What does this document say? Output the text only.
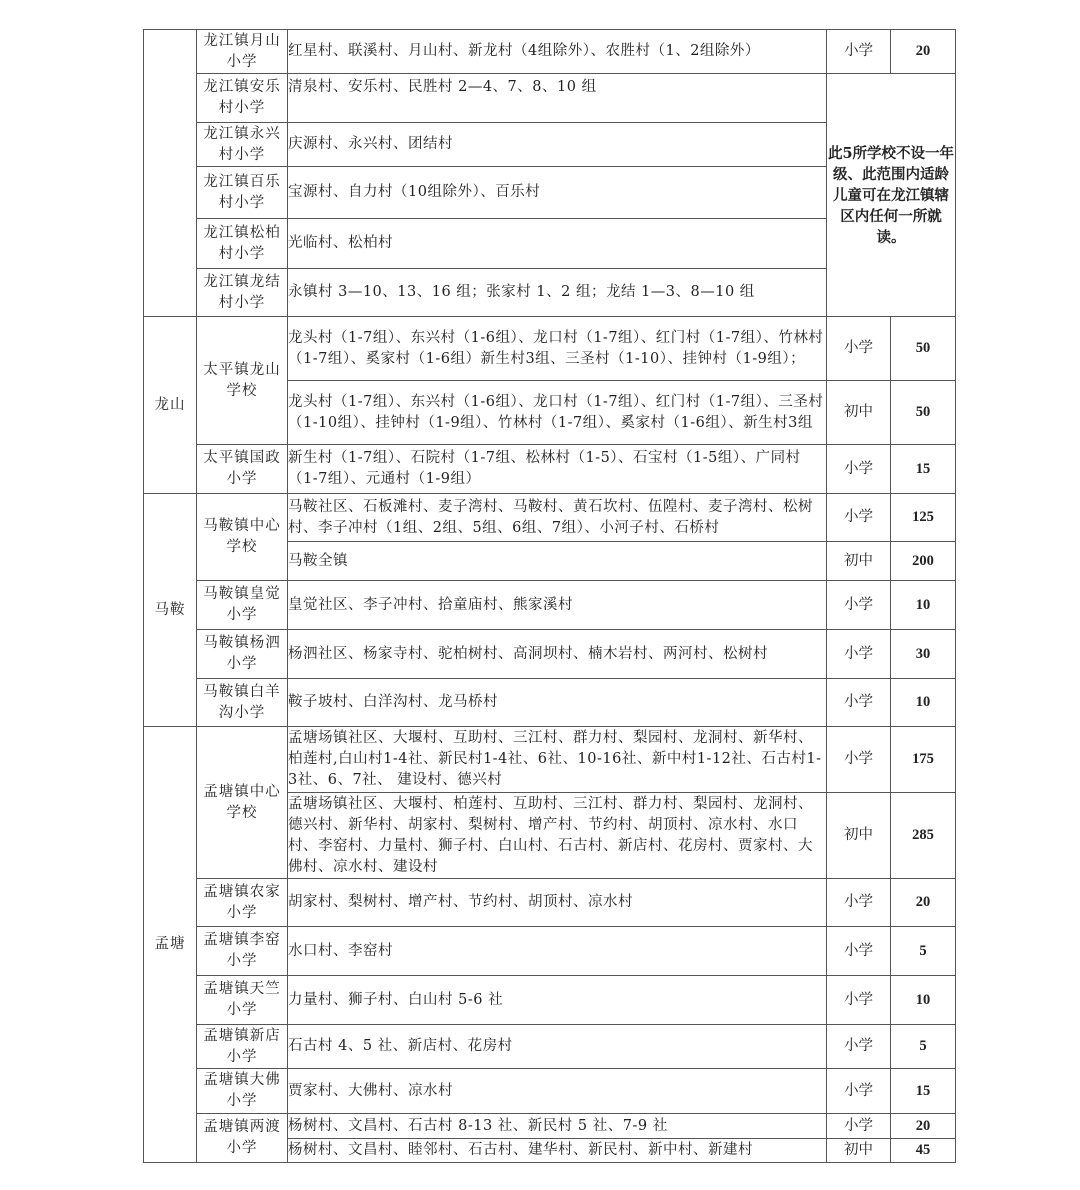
	龙江镇月山小学	红星村、联溪村、月山村、新龙村（4组除外）、农胜村（1、2组除外）	小学	20
	龙江镇安乐村小学	清泉村、安乐村、民胜村 2—4、7、8、10 组	此5所学校不设一年级、此范围内适龄儿童可在龙江镇辖区内任何一所就读。	
	龙江镇永兴村小学	庆源村、永兴村、团结村		
	龙江镇百乐村小学	宝源村、自力村（10组除外）、百乐村		
	龙江镇松柏村小学	光临村、松柏村		
	龙江镇龙结村小学	永镇村 3—10、13、16 组；张家村 1、2 组；龙结 1—3、8—10 组		
龙山	太平镇龙山学校	龙头村（1-7组）、东兴村（1-6组）、龙口村（1-7组）、红门村（1-7组）、竹林村（1-7组）、奚家村（1-6组）新生村3组、三圣村（1-10）、挂钟村（1-9组）；	小学	50
		龙头村（1-7组）、东兴村（1-6组）、龙口村（1-7组）、红门村（1-7组）、三圣村（1-10组）、挂钟村（1-9组）、竹林村（1-7组）、奚家村（1-6组）、新生村3组	初中	50
	太平镇国政小学	新生村（1-7组）、石院村（1-7组、松林村（1-5）、石宝村（1-5组）、广同村（1-7组）、元通村（1-9组）	小学	15
马鞍	马鞍镇中心学校	马鞍社区、石板滩村、麦子湾村、马鞍村、黄石坎村、伍隍村、麦子湾村、松树村、李子冲村（1组、2组、5组、6组、7组）、小河子村、石桥村	小学	125
		马鞍全镇	初中	200
	马鞍镇皇觉小学	皇觉社区、李子冲村、拾童庙村、熊家溪村	小学	10
	马鞍镇杨泗小学	杨泗社区、杨家寺村、驼柏树村、高洞坝村、楠木岩村、两河村、松树村	小学	30
	马鞍镇白羊沟小学	鞍子坡村、白洋沟村、龙马桥村	小学	10
孟塘	孟塘镇中心学校	孟塘场镇社区、大堰村、互助村、三江村、群力村、梨园村、龙洞村、新华村、柏莲村,白山村1-4社、新民村1-4社、6社、10-16社、新中村1-12社、石古村1-3社、6、7社、 建设村、德兴村	小学	175
		孟塘场镇社区、大堰村、柏莲村、互助村、三江村、群力村、梨园村、龙洞村、德兴村、新华村、胡家村、梨树村、增产村、节约村、胡顶村、凉水村、水口村、李窑村、力量村、狮子村、白山村、石古村、新店村、花房村、贾家村、大佛村、凉水村、建设村	初中	285
	孟塘镇农家小学	胡家村、梨树村、增产村、节约村、胡顶村、凉水村	小学	20
	孟塘镇李窑小学	水口村、李窑村	小学	5
	孟塘镇天竺小学	力量村、狮子村、白山村 5-6 社	小学	10
	孟塘镇新店小学	石古村 4、5 社、新店村、花房村	小学	5
	孟塘镇大佛小学	贾家村、大佛村、凉水村	小学	15
	孟塘镇两渡小学	杨树村、文昌村、石古村 8-13 社、新民村 5 社、7-9 社	小学	20
		杨树村、文昌村、睦邻村、石古村、建华村、新民村、新中村、新建村	初中	45
